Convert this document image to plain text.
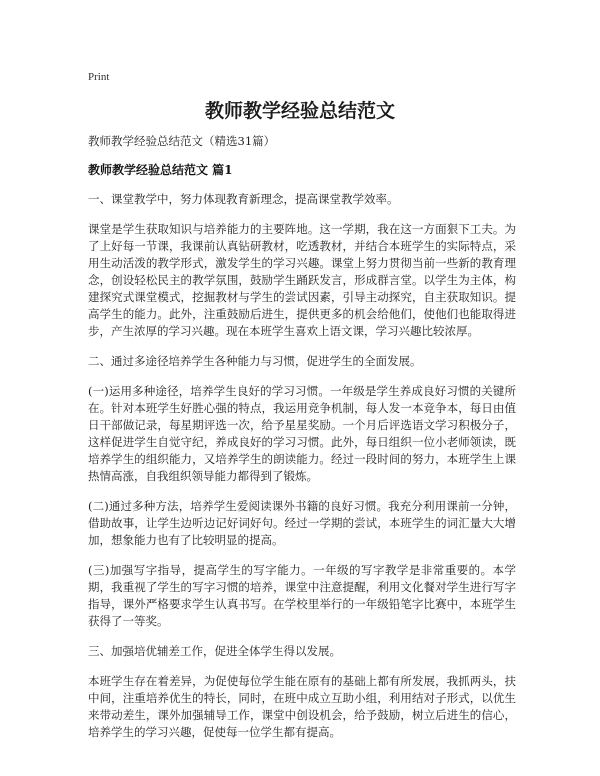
Print
教师教学经验总结范文

教师教学经验总结范文（精选31篇）

教师教学经验总结范文 篇1

一、课堂教学中，努力体现教育新理念，提高课堂教学效率。

课堂是学生获取知识与培养能力的主要阵地。这一学期，我在这一方面狠下工夫。为了上好每一节课，我课前认真钻研教材，吃透教材，并结合本班学生的实际特点，采用生动活泼的教学形式，激发学生的学习兴趣。课堂上努力贯彻当前一些新的教育理念，创设轻松民主的教学氛围，鼓励学生踊跃发言，形成群言堂。以学生为主体，构建探究式课堂模式，挖掘教材与学生的尝试因素，引导主动探究，自主获取知识。提高学生的能力。此外，注重鼓励后进生，提供更多的机会给他们，使他们也能取得进步，产生浓厚的学习兴趣。现在本班学生喜欢上语文课，学习兴趣比较浓厚。

二、通过多途径培养学生各种能力与习惯，促进学生的全面发展。

(一)运用多种途径，培养学生良好的学习习惯。一年级是学生养成良好习惯的关键所在。针对本班学生好胜心强的特点，我运用竞争机制，每人发一本竞争本，每日由值日干部做记录，每星期评选一次，给予星星奖励。一个月后评选语文学习积极分子，这样促进学生自觉守纪，养成良好的学习习惯。此外，每日组织一位小老师领读，既培养学生的组织能力，又培养学生的朗读能力。经过一段时间的努力，本班学生上课热情高涨，自我组织领导能力都得到了锻炼。

(二)通过多种方法，培养学生爱阅读课外书籍的良好习惯。我充分利用课前一分钟，借助故事，让学生边听边记好词好句。经过一学期的尝试，本班学生的词汇量大大增加，想象能力也有了比较明显的提高。

(三)加强写字指导，提高学生的写字能力。一年级的写字教学是非常重要的。本学期，我重视了学生的写字习惯的培养，课堂中注意提醒，利用文化餐对学生进行写字指导，课外严格要求学生认真书写。在学校里举行的一年级铅笔字比赛中，本班学生获得了一等奖。

三、加强培优辅差工作，促进全体学生得以发展。

本班学生存在着差异，为促使每位学生能在原有的基础上都有所发展，我抓两头，扶中间，注重培养优生的特长，同时，在班中成立互助小组，利用结对子形式，以优生来带动差生，课外加强辅导工作，课堂中创设机会，给予鼓励，树立后进生的信心，培养学生的学习兴趣，促使每一位学生都有提高。
